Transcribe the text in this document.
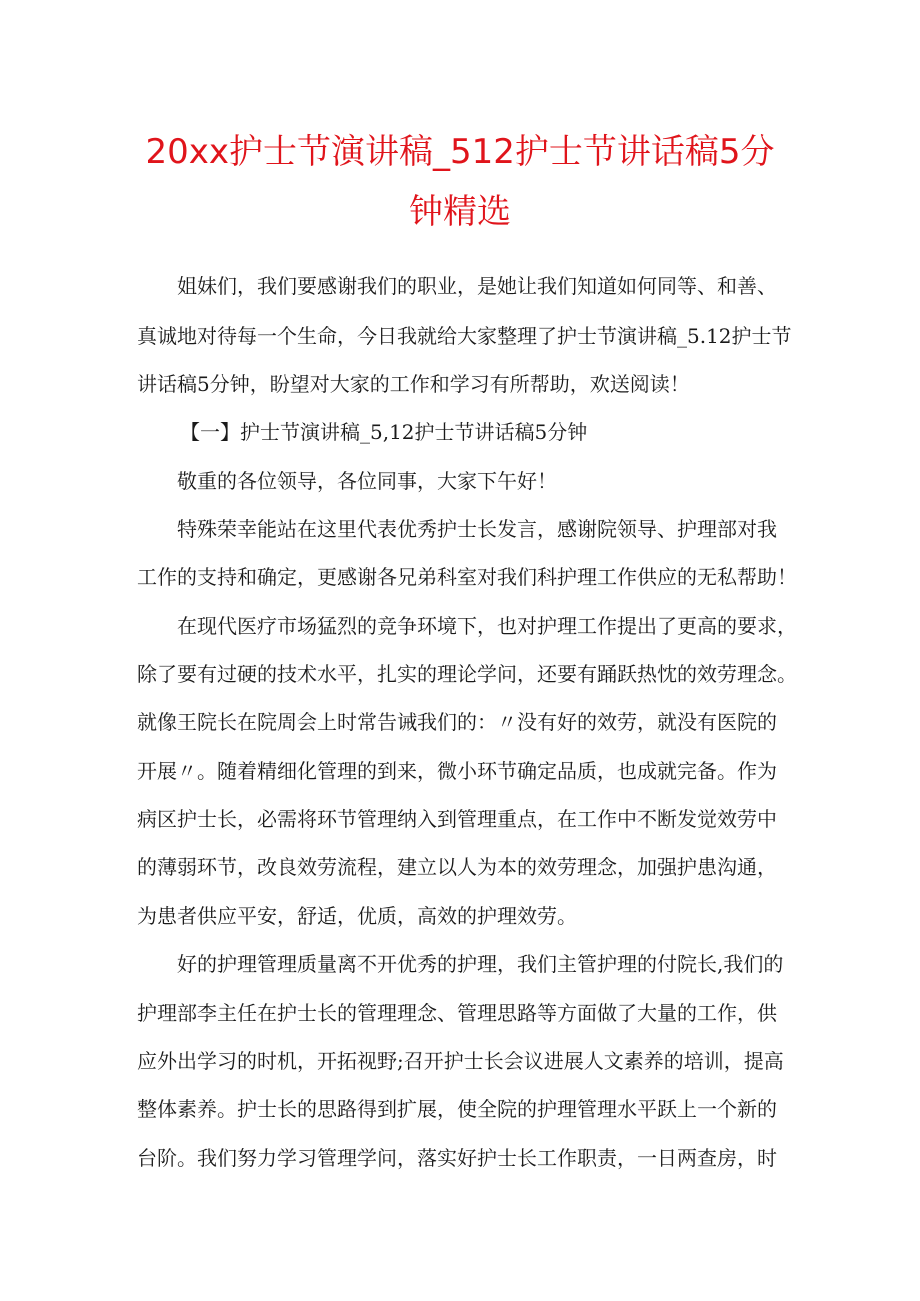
20xx护士节演讲稿_512护士节讲话稿5分
钟精选

姐妹们，我们要感谢我们的职业，是她让我们知道如何同等、和善、

真诚地对待每一个生命，今日我就给大家整理了护士节演讲稿_5.12护士节

讲话稿5分钟，盼望对大家的工作和学习有所帮助，欢送阅读！

【一】护士节演讲稿_5,12护士节讲话稿5分钟

敬重的各位领导，各位同事，大家下午好！

特殊荣幸能站在这里代表优秀护士长发言，感谢院领导、护理部对我

工作的支持和确定，更感谢各兄弟科室对我们科护理工作供应的无私帮助！

在现代医疗市场猛烈的竞争环境下，也对护理工作提出了更高的要求，

除了要有过硬的技术水平，扎实的理论学问，还要有踊跃热忱的效劳理念。

就像王院长在院周会上时常告诫我们的：〃没有好的效劳，就没有医院的

开展〃。随着精细化管理的到来，微小环节确定品质，也成就完备。作为

病区护士长，必需将环节管理纳入到管理重点，在工作中不断发觉效劳中

的薄弱环节，改良效劳流程，建立以人为本的效劳理念，加强护患沟通，

为患者供应平安，舒适，优质，高效的护理效劳。

好的护理管理质量离不开优秀的护理，我们主管护理的付院长,我们的

护理部李主任在护士长的管理理念、管理思路等方面做了大量的工作，供

应外出学习的时机，开拓视野;召开护士长会议进展人文素养的培训，提高

整体素养。护士长的思路得到扩展，使全院的护理管理水平跃上一个新的

台阶。我们努力学习管理学问，落实好护士长工作职责，一日两查房，时
